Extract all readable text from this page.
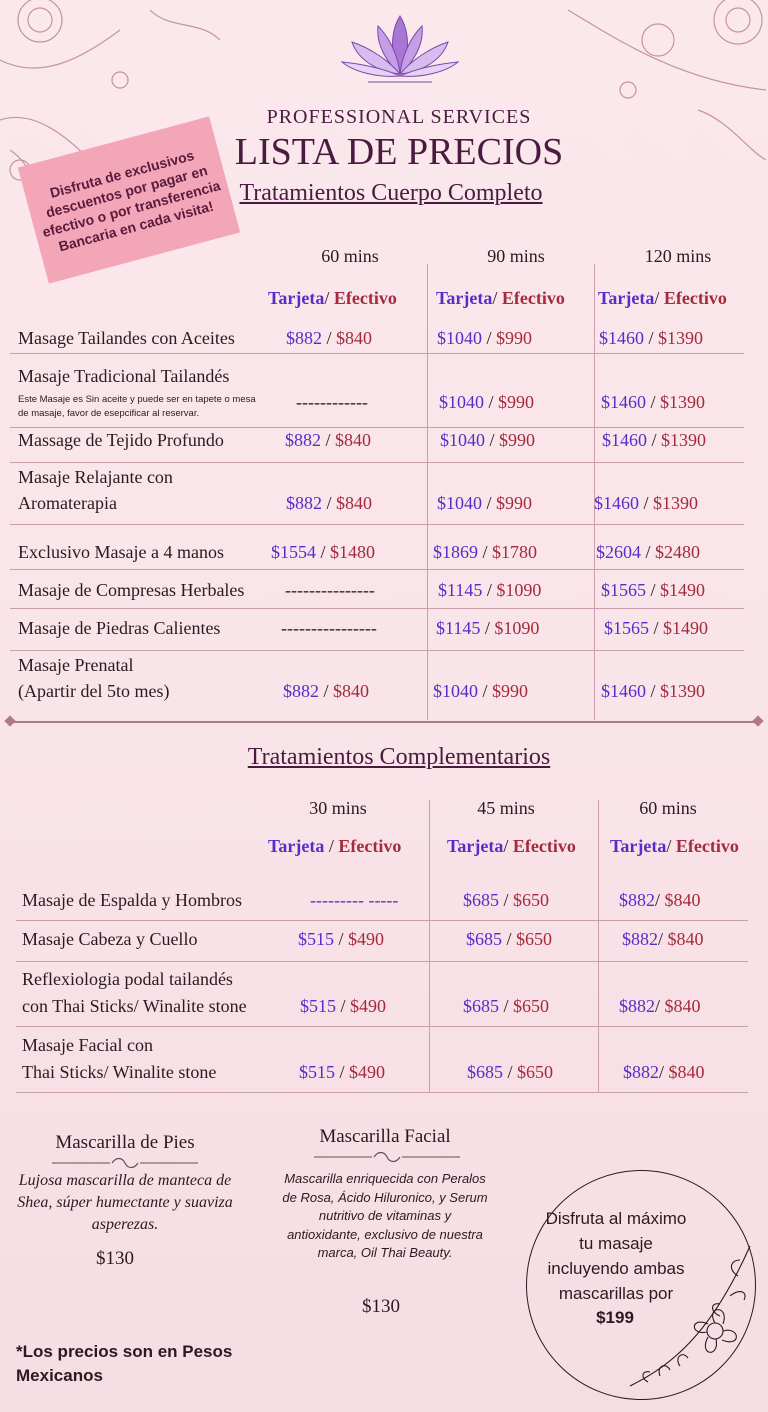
PROFESSIONAL SERVICES
LISTA DE PRECIOS
Disfruta de exclusivos descuentos por pagar en efectivo o por transferencia Bancaria en cada visita!
Tratamientos Cuerpo Completo
60 mins	90 mins	120 mins
Tarjeta/ Efectivo Tarjeta/ Efectivo Tarjeta/ Efectivo
Masage Tailandes con Aceites	$882 / $840	$1040 / $990	$1460 / $1390
Masaje Tradicional Tailandés
Este Masaje es Sin aceite y puede ser en tapete o mesa de masaje, favor de esepcificar al reservar.
------------	$1040 / $990	$1460 / $1390
Massage de Tejido Profundo	$882 / $840	$1040 / $990	$1460 / $1390
Masaje Relajante con
Aromaterapia	$882 / $840	$1040 / $990	$1460 / $1390
Exclusivo Masaje a 4 manos	$1554 / $1480	$1869 / $1780	$2604 / $2480
Masaje de Compresas Herbales ---------------	$1145 / $1090	$1565 / $1490
Masaje de Piedras Calientes	----------------	$1145 / $1090	$1565 / $1490
Masaje Prenatal
(Apartir del 5to mes)	$882 / $840	$1040 / $990	$1460 / $1390
Tratamientos Complementarios
30 mins	45 mins	60 mins
Tarjeta / Efectivo	Tarjeta/ Efectivo Tarjeta/ Efectivo
Masaje de Espalda y Hombros	--------- -----	$685 / $650	$882/ $840
Masaje Cabeza y Cuello	$515 / $490	$685 / $650	$882/ $840
Reflexiologia podal tailandés
con Thai Sticks/ Winalite stone	$515 / $490	$685 / $650	$882/ $840
Masaje Facial con
Thai Sticks/ Winalite stone	$515 / $490	$685 / $650	$882/ $840
Mascarilla de Pies
Lujosa mascarilla de manteca de Shea, súper humectante y suaviza asperezas.
$130
Mascarilla Facial
Mascarilla enriquecida con Peralos de Rosa, Ácido Hiluronico, y Serum nutritivo de vitaminas y antioxidante, exclusivo de nuestra marca, Oil Thai Beauty.
$130
Disfruta al máximo tu masaje incluyendo ambas mascarillas por
$199
*Los precios son en Pesos Mexicanos
